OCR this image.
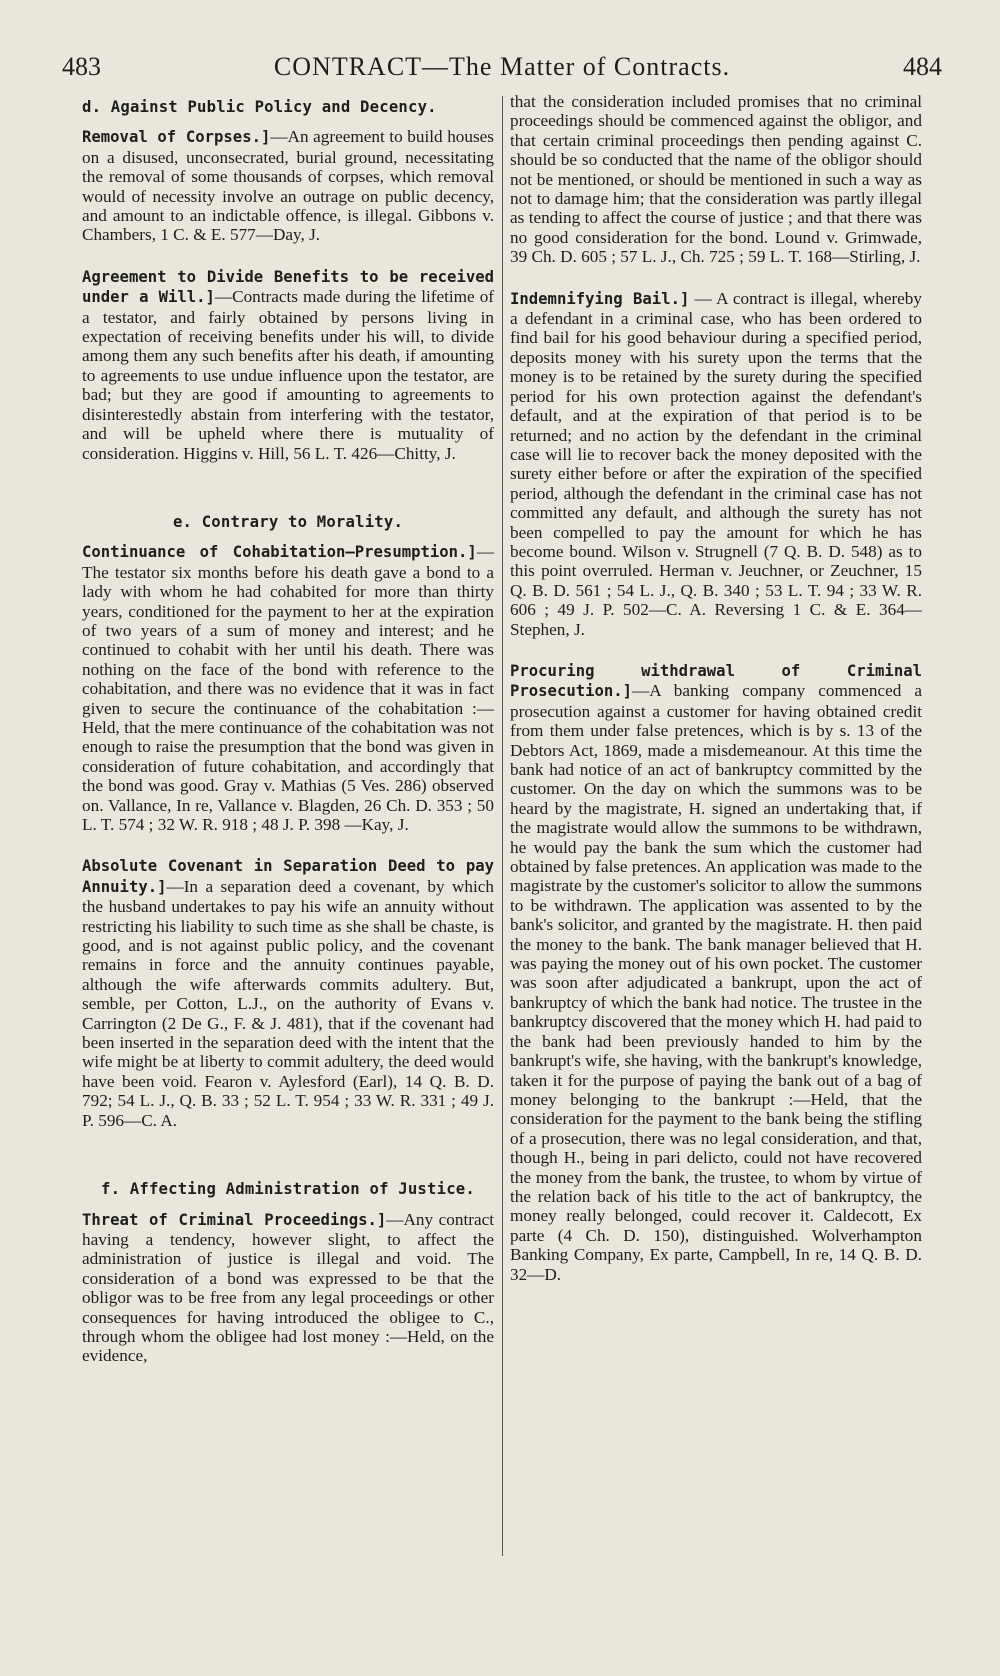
483	CONTRACT—The Matter of Contracts.	484
d. Against Public Policy and Decency.

Removal of Corpses.]—An agreement to build houses on a disused, unconsecrated, burial ground, necessitating the removal of some thousands of corpses, which removal would of necessity involve an outrage on public decency, and amount to an indictable offence, is illegal. Gibbons v. Chambers, 1 C. & E. 577—Day, J.

Agreement to Divide Benefits to be received under a Will.]—Contracts made during the lifetime of a testator, and fairly obtained by persons living in expectation of receiving benefits under his will, to divide among them any such benefits after his death, if amounting to agreements to use undue influence upon the testator, are bad; but they are good if amounting to agreements to disinterestedly abstain from interfering with the testator, and will be upheld where there is mutuality of consideration. Higgins v. Hill, 56 L. T. 426—Chitty, J.

e. Contrary to Morality.

Continuance of Cohabitation—Presumption.]—The testator six months before his death gave a bond to a lady with whom he had cohabited for more than thirty years, conditioned for the payment to her at the expiration of two years of a sum of money and interest; and he continued to cohabit with her until his death. There was nothing on the face of the bond with reference to the cohabitation, and there was no evidence that it was in fact given to secure the continuance of the cohabitation :—Held, that the mere continuance of the cohabitation was not enough to raise the presumption that the bond was given in consideration of future cohabitation, and accordingly that the bond was good. Gray v. Mathias (5 Ves. 286) observed on. Vallance, In re, Vallance v. Blagden, 26 Ch. D. 353 ; 50 L. T. 574 ; 32 W. R. 918 ; 48 J. P. 398 —Kay, J.

Absolute Covenant in Separation Deed to pay Annuity.]—In a separation deed a covenant, by which the husband undertakes to pay his wife an annuity without restricting his liability to such time as she shall be chaste, is good, and is not against public policy, and the covenant remains in force and the annuity continues payable, although the wife afterwards commits adultery. But, semble, per Cotton, L.J., on the authority of Evans v. Carrington (2 De G., F. & J. 481), that if the covenant had been inserted in the separation deed with the intent that the wife might be at liberty to commit adultery, the deed would have been void. Fearon v. Aylesford (Earl), 14 Q. B. D. 792; 54 L. J., Q. B. 33 ; 52 L. T. 954 ; 33 W. R. 331 ; 49 J. P. 596—C. A.

f. Affecting Administration of Justice.

Threat of Criminal Proceedings.]—Any contract having a tendency, however slight, to affect the administration of justice is illegal and void. The consideration of a bond was expressed to be that the obligor was to be free from any legal proceedings or other consequences for having introduced the obligee to C., through whom the obligee had lost money :—Held, on the evidence,

that the consideration included promises that no criminal proceedings should be commenced against the obligor, and that certain criminal proceedings then pending against C. should be so conducted that the name of the obligor should not be mentioned, or should be mentioned in such a way as not to damage him; that the consideration was partly illegal as tending to affect the course of justice ; and that there was no good consideration for the bond. Lound v. Grimwade, 39 Ch. D. 605 ; 57 L. J., Ch. 725 ; 59 L. T. 168—Stirling, J.

Indemnifying Bail.] — A contract is illegal, whereby a defendant in a criminal case, who has been ordered to find bail for his good behaviour during a specified period, deposits money with his surety upon the terms that the money is to be retained by the surety during the specified period for his own protection against the defendant's default, and at the expiration of that period is to be returned; and no action by the defendant in the criminal case will lie to recover back the money deposited with the surety either before or after the expiration of the specified period, although the defendant in the criminal case has not committed any default, and although the surety has not been compelled to pay the amount for which he has become bound. Wilson v. Strugnell (7 Q. B. D. 548) as to this point overruled. Herman v. Jeuchner, or Zeuchner, 15 Q. B. D. 561 ; 54 L. J., Q. B. 340 ; 53 L. T. 94 ; 33 W. R. 606 ; 49 J. P. 502—C. A. Reversing 1 C. & E. 364—Stephen, J.

Procuring withdrawal of Criminal Prosecution.]—A banking company commenced a prosecution against a customer for having obtained credit from them under false pretences, which is by s. 13 of the Debtors Act, 1869, made a misdemeanour. At this time the bank had notice of an act of bankruptcy committed by the customer. On the day on which the summons was to be heard by the magistrate, H. signed an undertaking that, if the magistrate would allow the summons to be withdrawn, he would pay the bank the sum which the customer had obtained by false pretences. An application was made to the magistrate by the customer's solicitor to allow the summons to be withdrawn. The application was assented to by the bank's solicitor, and granted by the magistrate. H. then paid the money to the bank. The bank manager believed that H. was paying the money out of his own pocket. The customer was soon after adjudicated a bankrupt, upon the act of bankruptcy of which the bank had notice. The trustee in the bankruptcy discovered that the money which H. had paid to the bank had been previously handed to him by the bankrupt's wife, she having, with the bankrupt's knowledge, taken it for the purpose of paying the bank out of a bag of money belonging to the bankrupt :—Held, that the consideration for the payment to the bank being the stifling of a prosecution, there was no legal consideration, and that, though H., being in pari delicto, could not have recovered the money from the bank, the trustee, to whom by virtue of the relation back of his title to the act of bankruptcy, the money really belonged, could recover it. Caldecott, Ex parte (4 Ch. D. 150), distinguished. Wolverhampton Banking Company, Ex parte, Campbell, In re, 14 Q. B. D. 32—D.
